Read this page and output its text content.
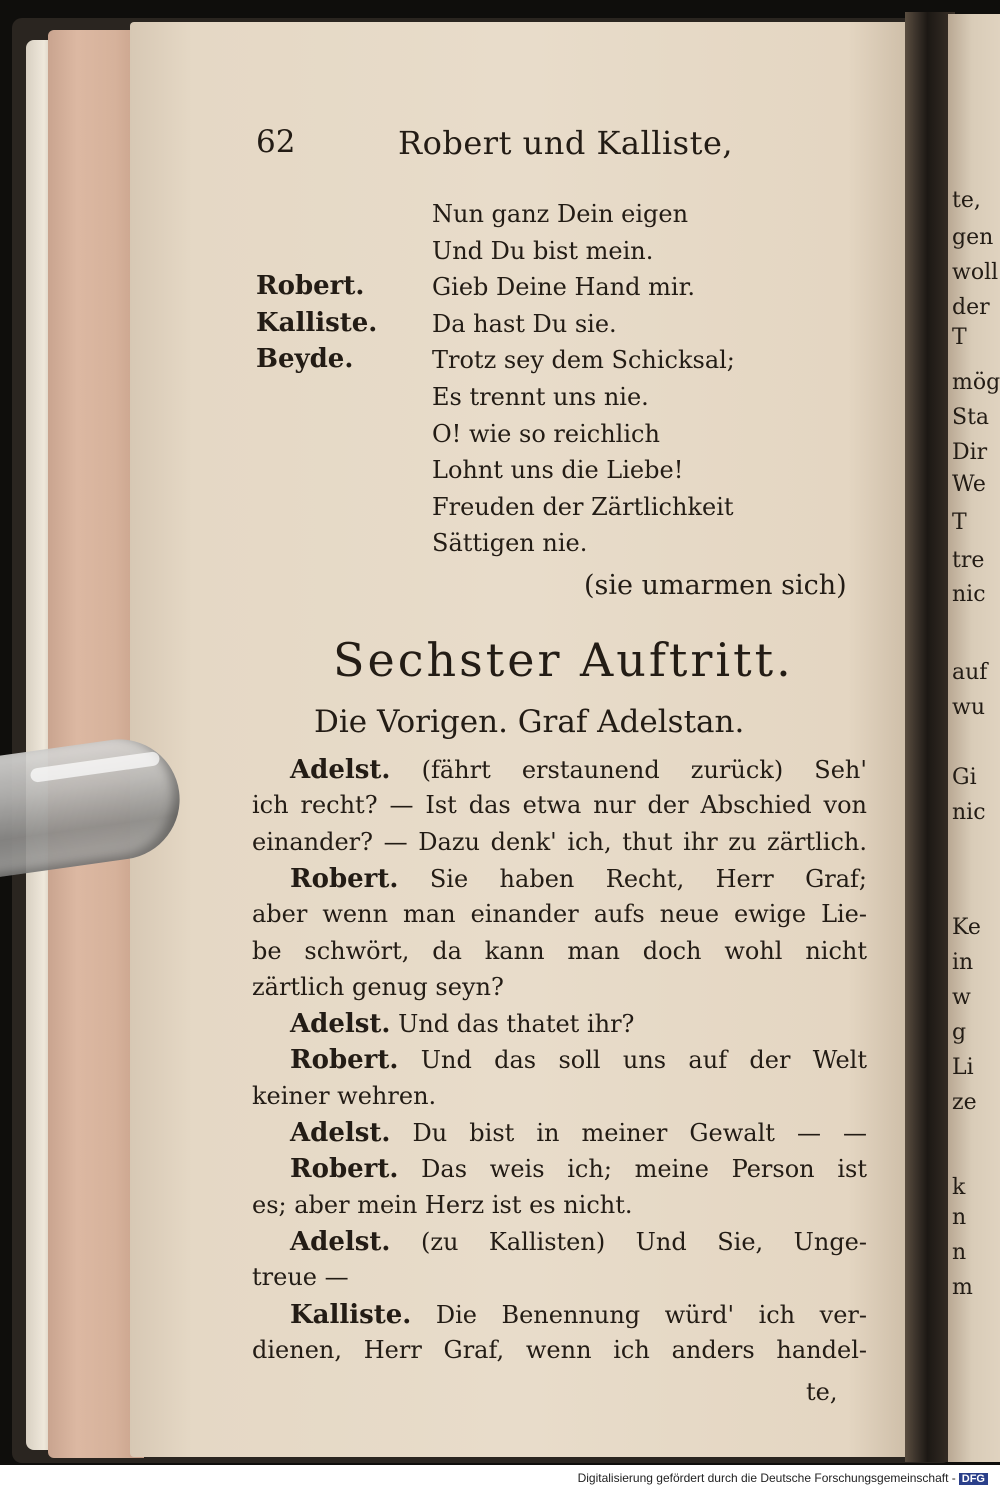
62	Robert und Kalliste,
Nun ganz Dein eigen
Und Du bist mein.
Robert.	Gieb Deine Hand mir.
Kalliste. Da hast Du sie.
Beyde.	Trotz sey dem Schicksal;
Es trennt uns nie.
O! wie so reichlich
Lohnt uns die Liebe!
Freuden der Zärtlichkeit
Sättigen nie.
(sie umarmen sich)
Sechster Auftritt.
Die Vorigen. Graf Adelstan.
Adelst. (fährt erstaunend zurück) Seh'
ich recht? — Ist das etwa nur der Abschied von
einander? — Dazu denk' ich, thut ihr zu zärtlich.
Robert. Sie haben Recht, Herr Graf;
aber wenn man einander aufs neue ewige Lie-
be schwört, da kann man doch wohl nicht
zärtlich genug seyn?
Adelst. Und das thatet ihr?
Robert. Und das soll uns auf der Welt
keiner wehren.
Adelst. Du bist in meiner Gewalt — —
Robert. Das weis ich; meine Person ist
es; aber mein Herz ist es nicht.
Adelst. (zu Kallisten) Und Sie, Unge-
treue —
Kalliste. Die Benennung würd' ich ver-
dienen, Herr Graf, wenn ich anders handel-
te,
te,
gen
woll
der
T
mög
Sta
Dir
We
T
tre
nic
auf
wu
Gi
nic
Ke
in
w
g
Li
ze
k
n
n
m
Digitalisierung gefördert durch die Deutsche Forschungsgemeinschaft - DFG
